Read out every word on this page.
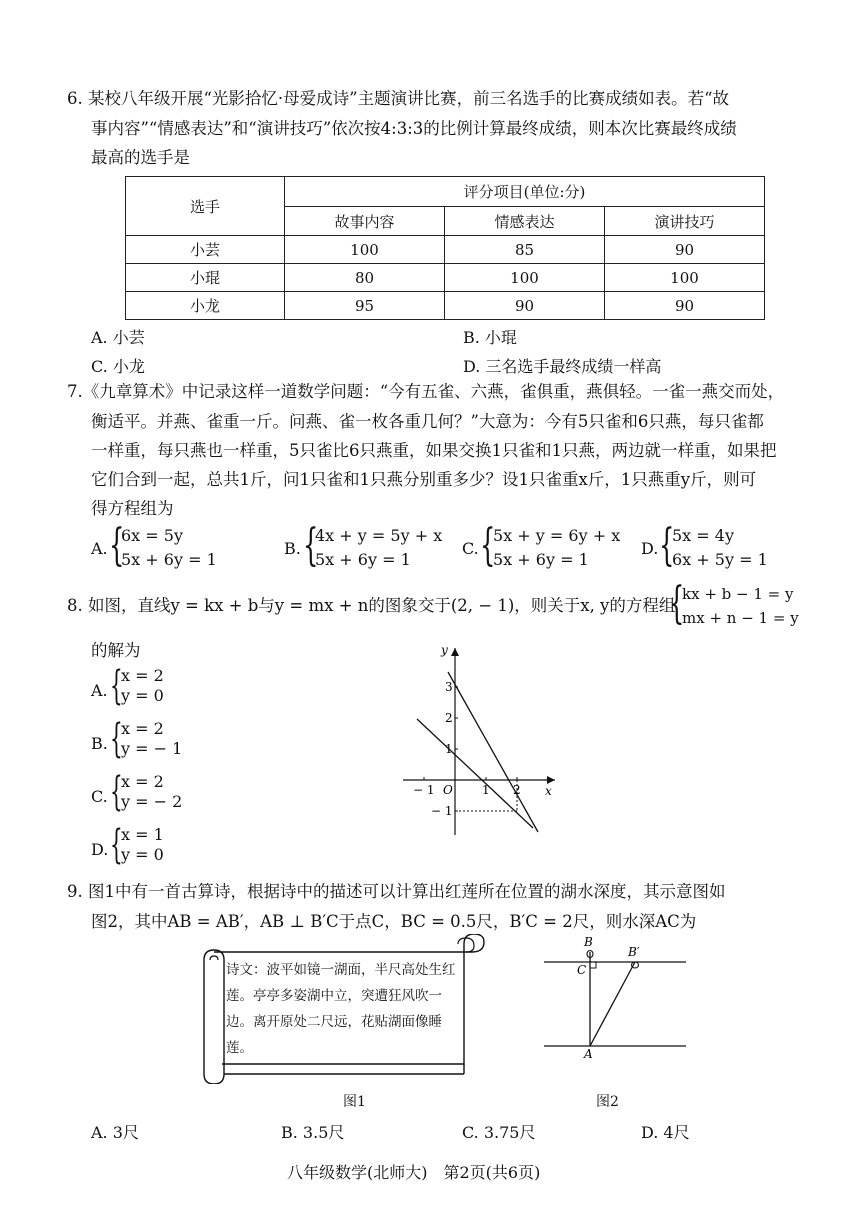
6. 某校八年级开展“光影拾忆·母爱成诗”主题演讲比赛，前三名选手的比赛成绩如表。若“故
事内容”“情感表达”和“演讲技巧”依次按4:3:3的比例计算最终成绩，则本次比赛最终成绩
最高的选手是
选手	评分项目(单位:分)		
	故事内容	情感表达	演讲技巧
小芸	100	85	90
小琨	80	100	100
小龙	95	90	90
A. 小芸	B. 小琨
C. 小龙	D. 三名选手最终成绩一样高
7.《九章算术》中记录这样一道数学问题：“今有五雀、六燕，雀俱重，燕俱轻。一雀一燕交而处，
衡适平。并燕、雀重一斤。问燕、雀一枚各重几何？”大意为：今有5只雀和6只燕，每只雀都
一样重，每只燕也一样重，5只雀比6只燕重，如果交换1只雀和1只燕，两边就一样重，如果把
它们合到一起，总共1斤，问1只雀和1只燕分别重多少？设1只雀重x斤，1只燕重y斤，则可
得方程组为
A. {
6x = 5y
5x + 6y = 1
B. {
4x + y = 5y + x
5x + 6y = 1
C. {
5x + y = 6y + x
5x + 6y = 1
D. {
5x = 4y
6x + 5y = 1
8. 如图，直线y = kx + b与y = mx + n的图象交于(2, − 1)，则关于x, y的方程组
{
kx + b − 1 = y
mx + n − 1 = y
的解为
A. {
x = 2
y = 0
B. {
x = 2
y = − 1
C. {
x = 2
y = − 2
D. {
x = 1
y = 0
y
x
O
− 1	1 2
3
2
1
− 1
9. 图1中有一首古算诗，根据诗中的描述可以计算出红莲所在位置的湖水深度，其示意图如
图2，其中AB = AB′，AB ⊥ B′C于点C，BC = 0.5尺，B′C = 2尺，则水深AC为
诗文：波平如镜一湖面，半尺高处生红
莲。亭亭多姿湖中立，突遭狂风吹一
边。离开原处二尺远，花贴湖面像睡
莲。
图1
B
B′
C
A
图2
A. 3尺	B. 3.5尺	C. 3.75尺	D. 4尺
八年级数学(北师大)　第2页(共6页)
